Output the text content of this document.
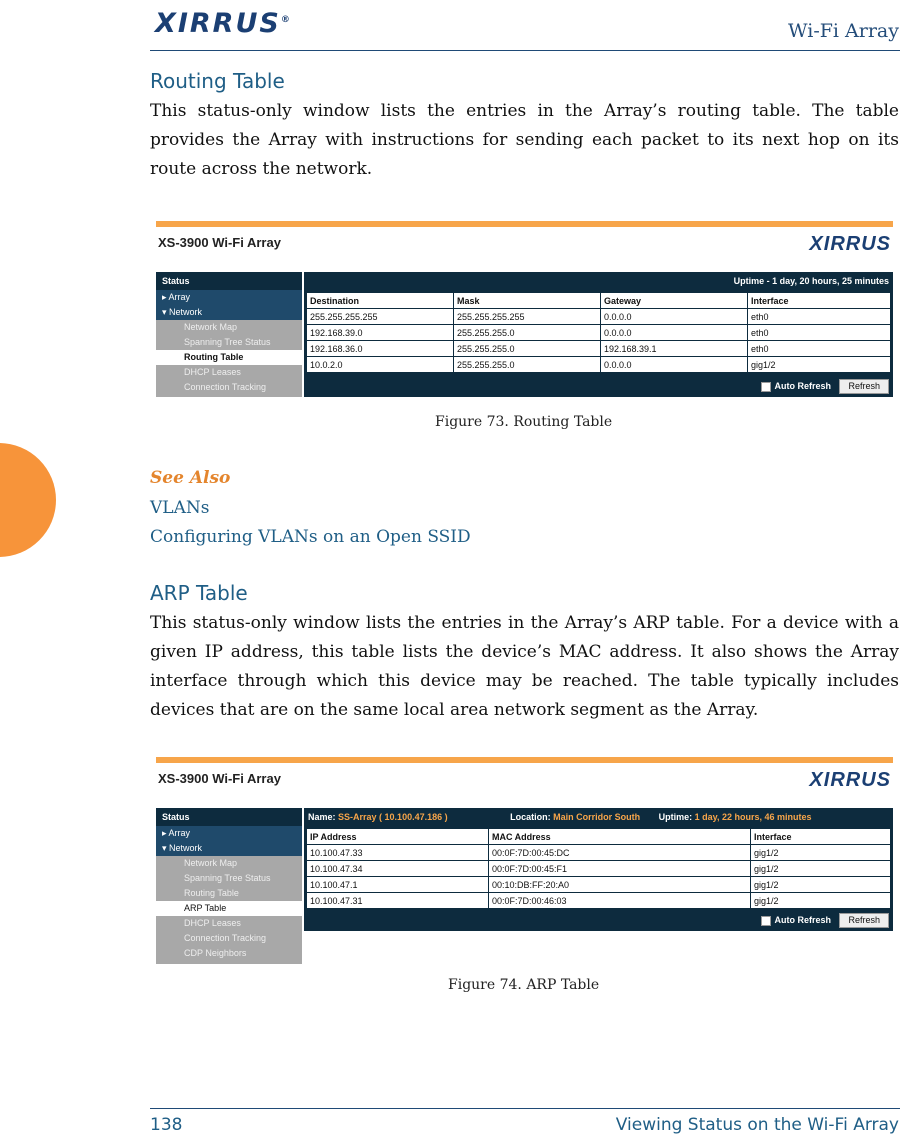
XIRRUS®	Wi-Fi Array
Routing Table
This status-only window lists the entries in the Array’s routing table. The table provides the Array with instructions for sending each packet to its next hop on its route across the network.
XS-3900 Wi-Fi Array	XIRRUS
Status
▸ Array
▾ Network
Network Map
Spanning Tree Status
Routing Table
DHCP Leases
Connection Tracking
Uptime - 1 day, 20 hours, 25 minutes
Destination	Mask	Gateway	Interface
255.255.255.255	255.255.255.255	0.0.0.0	eth0
192.168.39.0	255.255.255.0	0.0.0.0	eth0
192.168.36.0	255.255.255.0	192.168.39.1	eth0
10.0.2.0	255.255.255.0	0.0.0.0	gig1/2
Auto Refresh Refresh
Figure 73. Routing Table
See Also
VLANs
Configuring VLANs on an Open SSID
ARP Table
This status-only window lists the entries in the Array’s ARP table. For a device with a given IP address, this table lists the device’s MAC address. It also shows the Array interface through which this device may be reached. The table typically includes devices that are on the same local area network segment as the Array.
XS-3900 Wi-Fi Array	XIRRUS
Status
▸ Array
▾ Network
Network Map
Spanning Tree Status
Routing Table
ARP Table
DHCP Leases
Connection Tracking
CDP Neighbors
Name: SS-Array ( 10.100.47.186 )	Location: Main Corridor South Uptime: 1 day, 22 hours, 46 minutes
IP Address	MAC Address	Interface
10.100.47.33	00:0F:7D:00:45:DC	gig1/2
10.100.47.34	00:0F:7D:00:45:F1	gig1/2
10.100.47.1	00:10:DB:FF:20:A0	gig1/2
10.100.47.31	00:0F:7D:00:46:03	gig1/2
Auto Refresh Refresh
Figure 74. ARP Table
138	Viewing Status on the Wi-Fi Array
